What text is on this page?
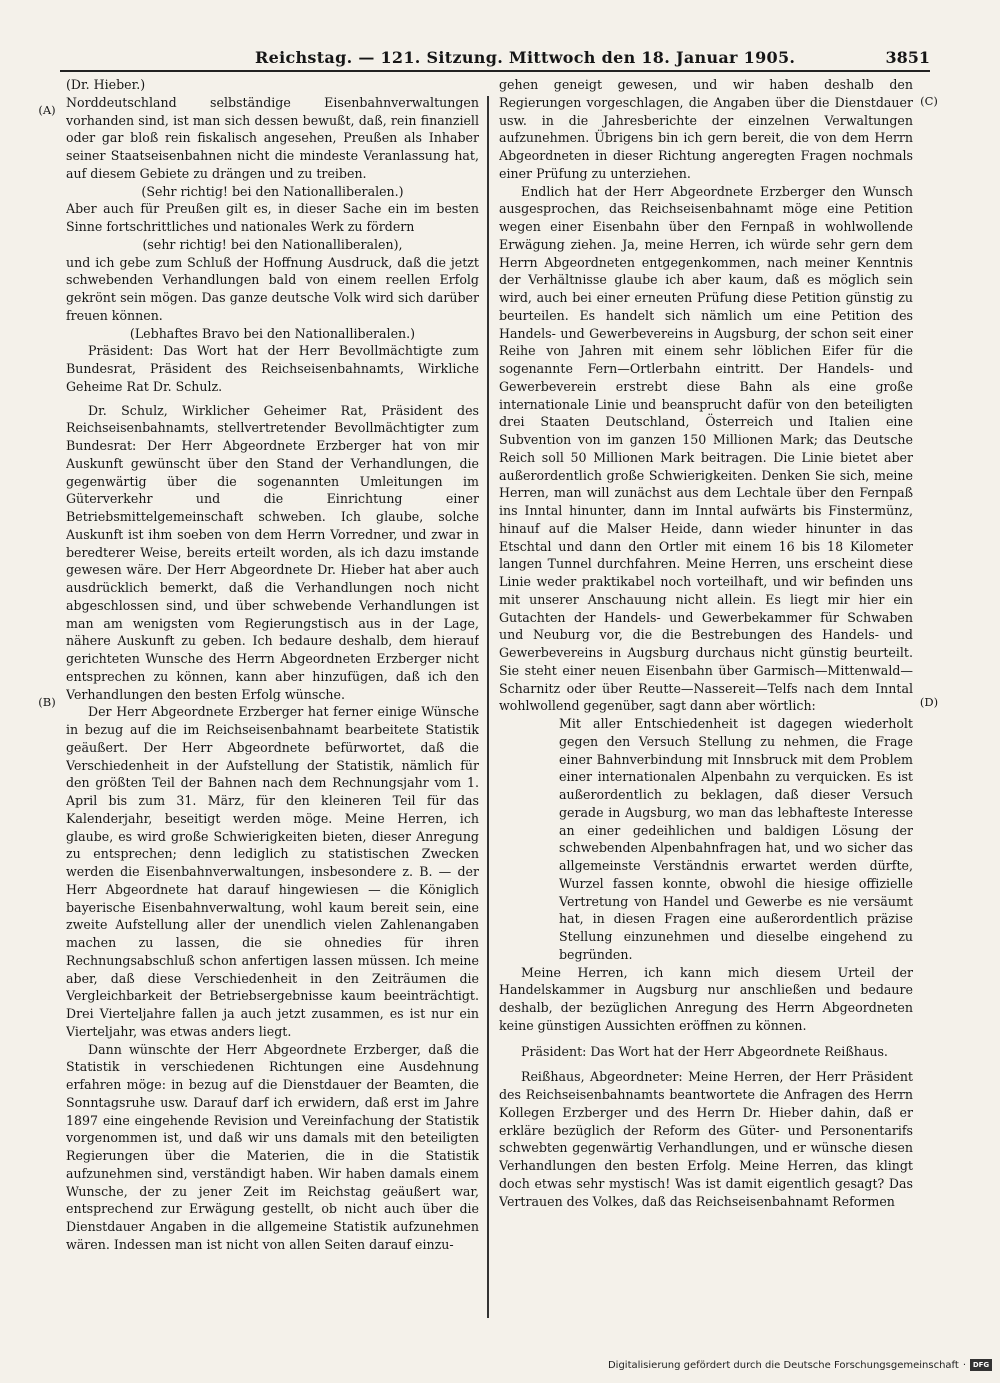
Reichstag. — 121. Sitzung. Mittwoch den 18. Januar 1905.	3851
(A)
(B)
(C)
(D)

(Dr. Hieber.)

Norddeutschland selbständige Eisenbahnverwaltungen vorhanden sind, ist man sich dessen bewußt, daß, rein finanziell oder gar bloß rein fiskalisch angesehen, Preußen als Inhaber seiner Staatseisenbahnen nicht die mindeste Veranlassung hat, auf diesem Gebiete zu drängen und zu treiben.

(Sehr richtig! bei den Nationalliberalen.)

Aber auch für Preußen gilt es, in dieser Sache ein im besten Sinne fortschrittliches und nationales Werk zu fördern

(sehr richtig! bei den Nationalliberalen),

und ich gebe zum Schluß der Hoffnung Ausdruck, daß die jetzt schwebenden Verhandlungen bald von einem reellen Erfolg gekrönt sein mögen. Das ganze deutsche Volk wird sich darüber freuen können.

(Lebhaftes Bravo bei den Nationalliberalen.)

Präsident: Das Wort hat der Herr Bevollmächtigte zum Bundesrat, Präsident des Reichseisenbahnamts, Wirkliche Geheime Rat Dr. Schulz.

Dr. Schulz, Wirklicher Geheimer Rat, Präsident des Reichseisenbahnamts, stellvertretender Bevollmächtigter zum Bundesrat: Der Herr Abgeordnete Erzberger hat von mir Auskunft gewünscht über den Stand der Verhandlungen, die gegenwärtig über die sogenannten Umleitungen im Güterverkehr und die Einrichtung einer Betriebsmittelgemeinschaft schweben. Ich glaube, solche Auskunft ist ihm soeben von dem Herrn Vorredner, und zwar in beredterer Weise, bereits erteilt worden, als ich dazu imstande gewesen wäre. Der Herr Abgeordnete Dr. Hieber hat aber auch ausdrücklich bemerkt, daß die Verhandlungen noch nicht abgeschlossen sind, und über schwebende Verhandlungen ist man am wenigsten vom Regierungstisch aus in der Lage, nähere Auskunft zu geben. Ich bedaure deshalb, dem hierauf gerichteten Wunsche des Herrn Abgeordneten Erzberger nicht entsprechen zu können, kann aber hinzufügen, daß ich den Verhandlungen den besten Erfolg wünsche.

Der Herr Abgeordnete Erzberger hat ferner einige Wünsche in bezug auf die im Reichseisenbahnamt bearbeitete Statistik geäußert. Der Herr Abgeordnete befürwortet, daß die Verschiedenheit in der Aufstellung der Statistik, nämlich für den größten Teil der Bahnen nach dem Rechnungsjahr vom 1. April bis zum 31. März, für den kleineren Teil für das Kalenderjahr, beseitigt werden möge. Meine Herren, ich glaube, es wird große Schwierigkeiten bieten, dieser Anregung zu entsprechen; denn lediglich zu statistischen Zwecken werden die Eisenbahnverwaltungen, insbesondere z. B. — der Herr Abgeordnete hat darauf hingewiesen — die Königlich bayerische Eisenbahnverwaltung, wohl kaum bereit sein, eine zweite Aufstellung aller der unendlich vielen Zahlenangaben machen zu lassen, die sie ohnedies für ihren Rechnungsabschluß schon anfertigen lassen müssen. Ich meine aber, daß diese Verschiedenheit in den Zeiträumen die Vergleichbarkeit der Betriebsergebnisse kaum beeinträchtigt. Drei Vierteljahre fallen ja auch jetzt zusammen, es ist nur ein Vierteljahr, was etwas anders liegt.

Dann wünschte der Herr Abgeordnete Erzberger, daß die Statistik in verschiedenen Richtungen eine Ausdehnung erfahren möge: in bezug auf die Dienstdauer der Beamten, die Sonntagsruhe usw. Darauf darf ich erwidern, daß erst im Jahre 1897 eine eingehende Revision und Vereinfachung der Statistik vorgenommen ist, und daß wir uns damals mit den beteiligten Regierungen über die Materien, die in die Statistik aufzunehmen sind, verständigt haben. Wir haben damals einem Wunsche, der zu jener Zeit im Reichstag geäußert war, entsprechend zur Erwägung gestellt, ob nicht auch über die Dienstdauer Angaben in die allgemeine Statistik aufzunehmen wären. Indessen man ist nicht von allen Seiten darauf einzu-

gehen geneigt gewesen, und wir haben deshalb den Regierungen vorgeschlagen, die Angaben über die Dienstdauer usw. in die Jahresberichte der einzelnen Verwaltungen aufzunehmen. Übrigens bin ich gern bereit, die von dem Herrn Abgeordneten in dieser Richtung angeregten Fragen nochmals einer Prüfung zu unterziehen.

Endlich hat der Herr Abgeordnete Erzberger den Wunsch ausgesprochen, das Reichseisenbahnamt möge eine Petition wegen einer Eisenbahn über den Fernpaß in wohlwollende Erwägung ziehen. Ja, meine Herren, ich würde sehr gern dem Herrn Abgeordneten entgegenkommen, nach meiner Kenntnis der Verhältnisse glaube ich aber kaum, daß es möglich sein wird, auch bei einer erneuten Prüfung diese Petition günstig zu beurteilen. Es handelt sich nämlich um eine Petition des Handels- und Gewerbevereins in Augsburg, der schon seit einer Reihe von Jahren mit einem sehr löblichen Eifer für die sogenannte Fern—Ortlerbahn eintritt. Der Handels- und Gewerbeverein erstrebt diese Bahn als eine große internationale Linie und beansprucht dafür von den beteiligten drei Staaten Deutschland, Österreich und Italien eine Subvention von im ganzen 150 Millionen Mark; das Deutsche Reich soll 50 Millionen Mark beitragen. Die Linie bietet aber außerordentlich große Schwierigkeiten. Denken Sie sich, meine Herren, man will zunächst aus dem Lechtale über den Fernpaß ins Inntal hinunter, dann im Inntal aufwärts bis Finstermünz, hinauf auf die Malser Heide, dann wieder hinunter in das Etschtal und dann den Ortler mit einem 16 bis 18 Kilometer langen Tunnel durchfahren. Meine Herren, uns erscheint diese Linie weder praktikabel noch vorteilhaft, und wir befinden uns mit unserer Anschauung nicht allein. Es liegt mir hier ein Gutachten der Handels- und Gewerbekammer für Schwaben und Neuburg vor, die die Bestrebungen des Handels- und Gewerbevereins in Augsburg durchaus nicht günstig beurteilt. Sie steht einer neuen Eisenbahn über Garmisch—Mittenwald—Scharnitz oder über Reutte—Nassereit—Telfs nach dem Inntal wohlwollend gegenüber, sagt dann aber wörtlich:

Mit aller Entschiedenheit ist dagegen wiederholt gegen den Versuch Stellung zu nehmen, die Frage einer Bahnverbindung mit Innsbruck mit dem Problem einer internationalen Alpenbahn zu verquicken. Es ist außerordentlich zu beklagen, daß dieser Versuch gerade in Augsburg, wo man das lebhafteste Interesse an einer gedeihlichen und baldigen Lösung der schwebenden Alpenbahnfragen hat, und wo sicher das allgemeinste Verständnis erwartet werden dürfte, Wurzel fassen konnte, obwohl die hiesige offizielle Vertretung von Handel und Gewerbe es nie versäumt hat, in diesen Fragen eine außerordentlich präzise Stellung einzunehmen und dieselbe eingehend zu begründen.

Meine Herren, ich kann mich diesem Urteil der Handelskammer in Augsburg nur anschließen und bedaure deshalb, der bezüglichen Anregung des Herrn Abgeordneten keine günstigen Aussichten eröffnen zu können.

Präsident: Das Wort hat der Herr Abgeordnete Reißhaus.

Reißhaus, Abgeordneter: Meine Herren, der Herr Präsident des Reichseisenbahnamts beantwortete die Anfragen des Herrn Kollegen Erzberger und des Herrn Dr. Hieber dahin, daß er erkläre bezüglich der Reform des Güter- und Personentarifs schwebten gegenwärtig Verhandlungen, und er wünsche diesen Verhandlungen den besten Erfolg. Meine Herren, das klingt doch etwas sehr mystisch! Was ist damit eigentlich gesagt? Das Vertrauen des Volkes, daß das Reichseisenbahnamt Reformen

Digitalisierung gefördert durch die Deutsche Forschungsgemeinschaft · DFG
